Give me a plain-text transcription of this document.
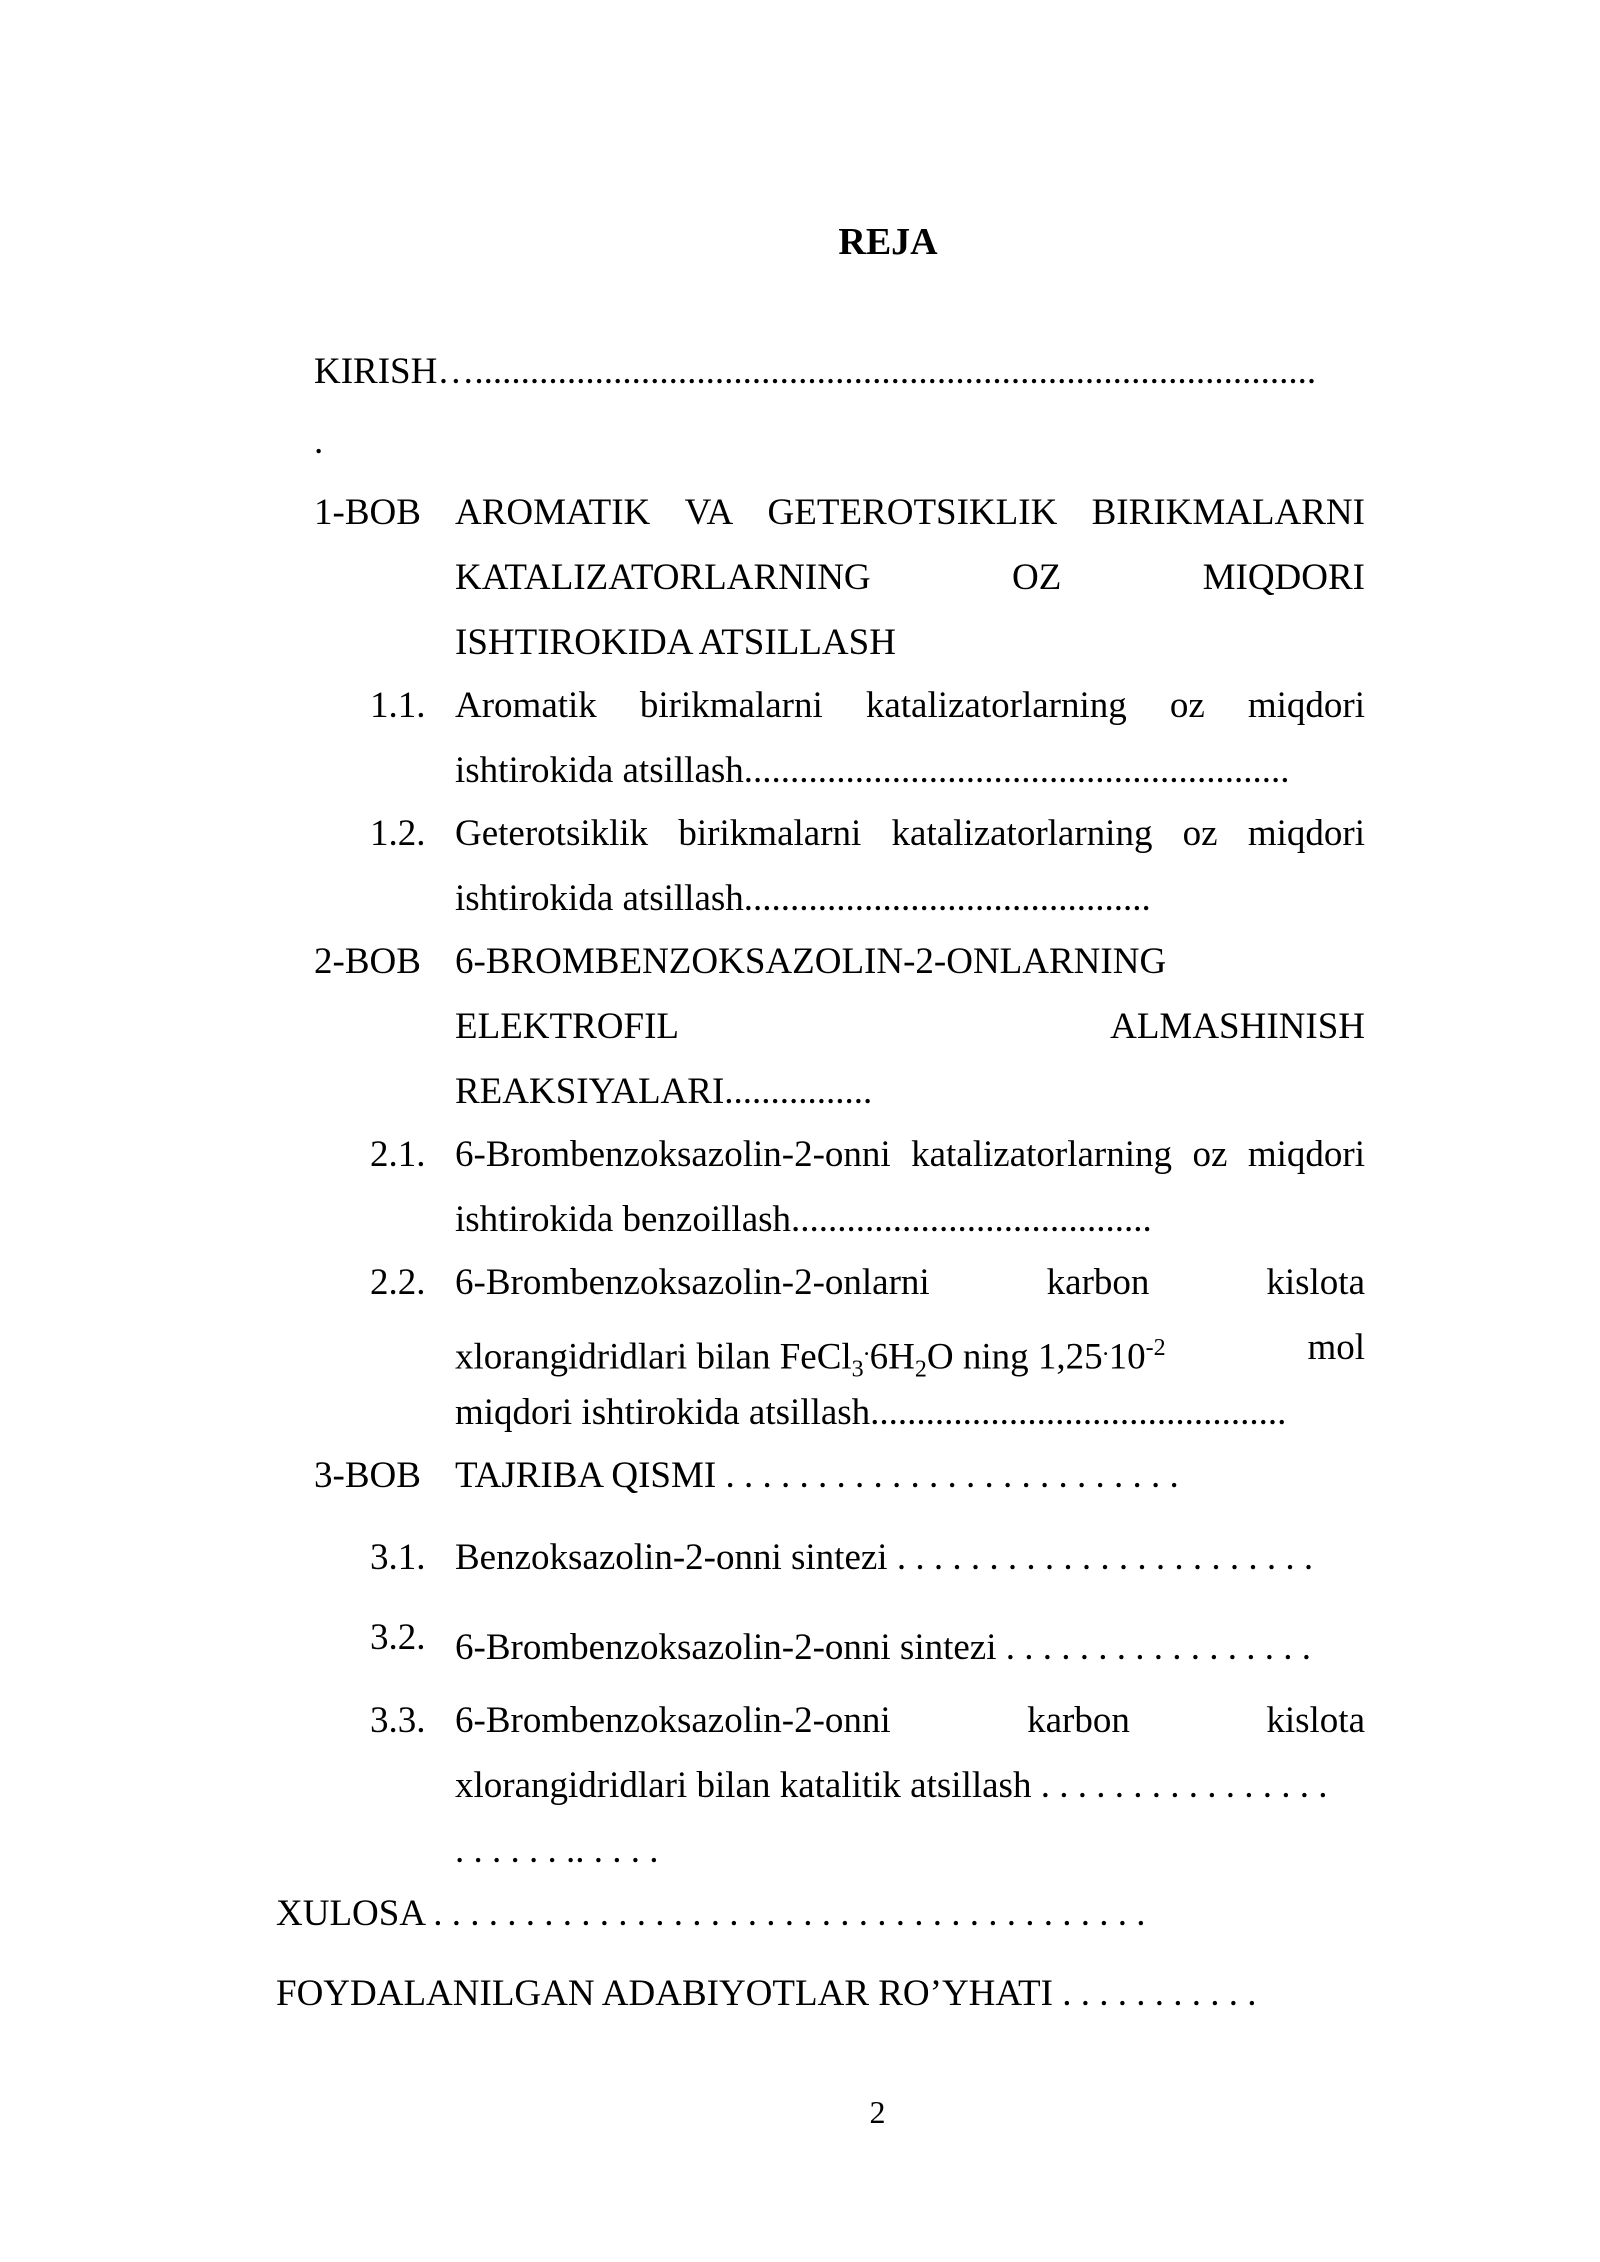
REJA
KIRISH…...........................................................................................
.
1-BOB AROMATIK VA GETEROTSIKLIK BIRIKMALARNI
KATALIZATORLARNING	OZ	MIQDORI
ISHTIROKIDA ATSILLASH
1.1. Aromatik birikmalarni katalizatorlarning oz miqdori
ishtirokida atsillash...........................................................
1.2. Geterotsiklik birikmalarni katalizatorlarning oz miqdori
ishtirokida atsillash............................................
2-BOB 6-BROMBENZOKSAZOLIN-2-ONLARNING
ELEKTROFIL	ALMASHINISH
REAKSIYALARI................
2.1. 6-Brombenzoksazolin-2-onni katalizatorlarning oz miqdori
ishtirokida benzoillash.......................................
2.2. 6-Brombenzoksazolin-2-onlarni	karbon	kislota
xlorangidridlari bilan $FeCl_3^.6H_2O$ ning $1,25^.10^{-2}$	mol
miqdori ishtirokida atsillash.............................................
3-BOB TAJRIBA QISMI . . . . . . . . . . . . . . . . . . . . . . . . .
3.1. Benzoksazolin-2-onni sintezi . . . . . . . . . . . . . . . . . . . . . . .
3.2. 6-Brombenzoksazolin-2-onni sintezi . . . . . . . . . . . . . . . . .
3.3. 6-Brombenzoksazolin-2-onni	karbon	kislota
xlorangidridlari bilan katalitik atsillash . . . . . . . . . . . . . . . .
. . . . . . .. . . . .
XULOSA . . . . . . . . . . . . . . . . . . . . . . . . . . . . . . . . . . . . . . .
FOYDALANILGAN ADABIYOTLAR RO’YHATI . . . . . . . . . . .
2
